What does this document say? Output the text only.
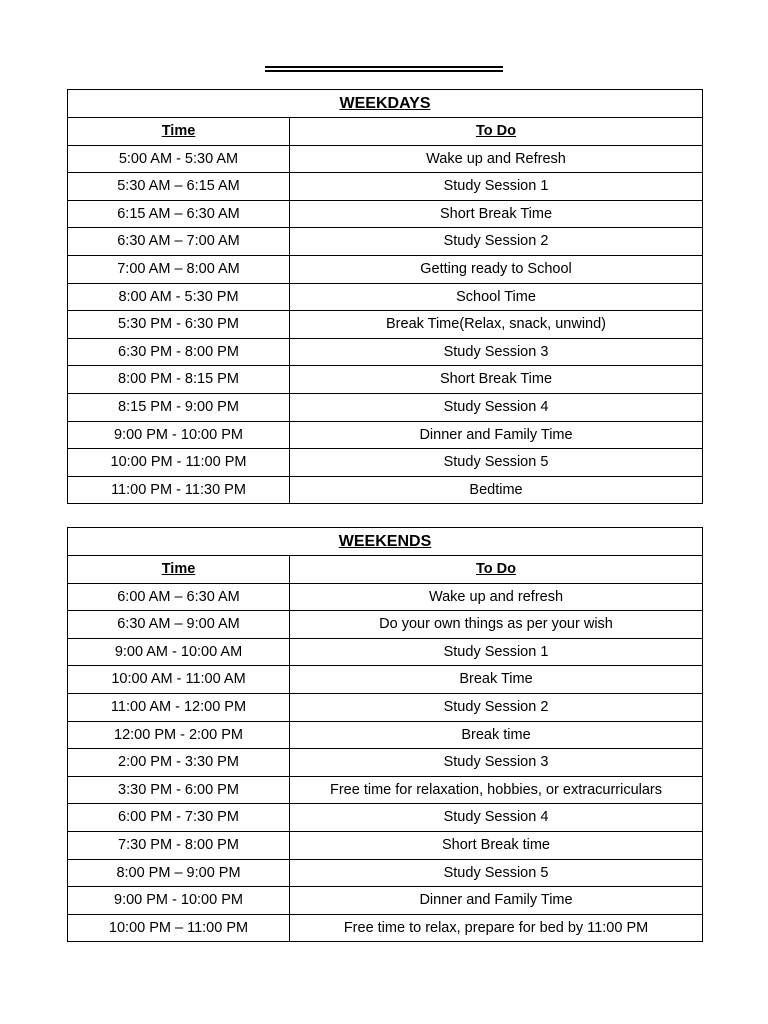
WEEKDAYS	
Time	To Do
5:00 AM - 5:30 AM	Wake up and Refresh
5:30 AM – 6:15 AM	Study Session 1
6:15 AM – 6:30 AM	Short Break Time
6:30 AM – 7:00 AM	Study Session 2
7:00 AM – 8:00 AM	Getting ready to School
8:00 AM - 5:30 PM	School Time
5:30 PM - 6:30 PM	Break Time(Relax, snack, unwind)
6:30 PM - 8:00 PM	Study Session 3
8:00 PM - 8:15 PM	Short Break Time
8:15 PM - 9:00 PM	Study Session 4
9:00 PM - 10:00 PM	Dinner and Family Time
10:00 PM - 11:00 PM	Study Session 5
11:00 PM - 11:30 PM	Bedtime
WEEKENDS	
Time	To Do
6:00 AM – 6:30 AM	Wake up and refresh
6:30 AM – 9:00 AM	Do your own things as per your wish
9:00 AM - 10:00 AM	Study Session 1
10:00 AM - 11:00 AM	Break Time
11:00 AM - 12:00 PM	Study Session 2
12:00 PM - 2:00 PM	Break time
2:00 PM - 3:30 PM	Study Session 3
3:30 PM - 6:00 PM	Free time for relaxation, hobbies, or extracurriculars
6:00 PM - 7:30 PM	Study Session 4
7:30 PM - 8:00 PM	Short Break time
8:00 PM – 9:00 PM	Study Session 5
9:00 PM - 10:00 PM	Dinner and Family Time
10:00 PM – 11:00 PM	Free time to relax, prepare for bed by 11:00 PM
